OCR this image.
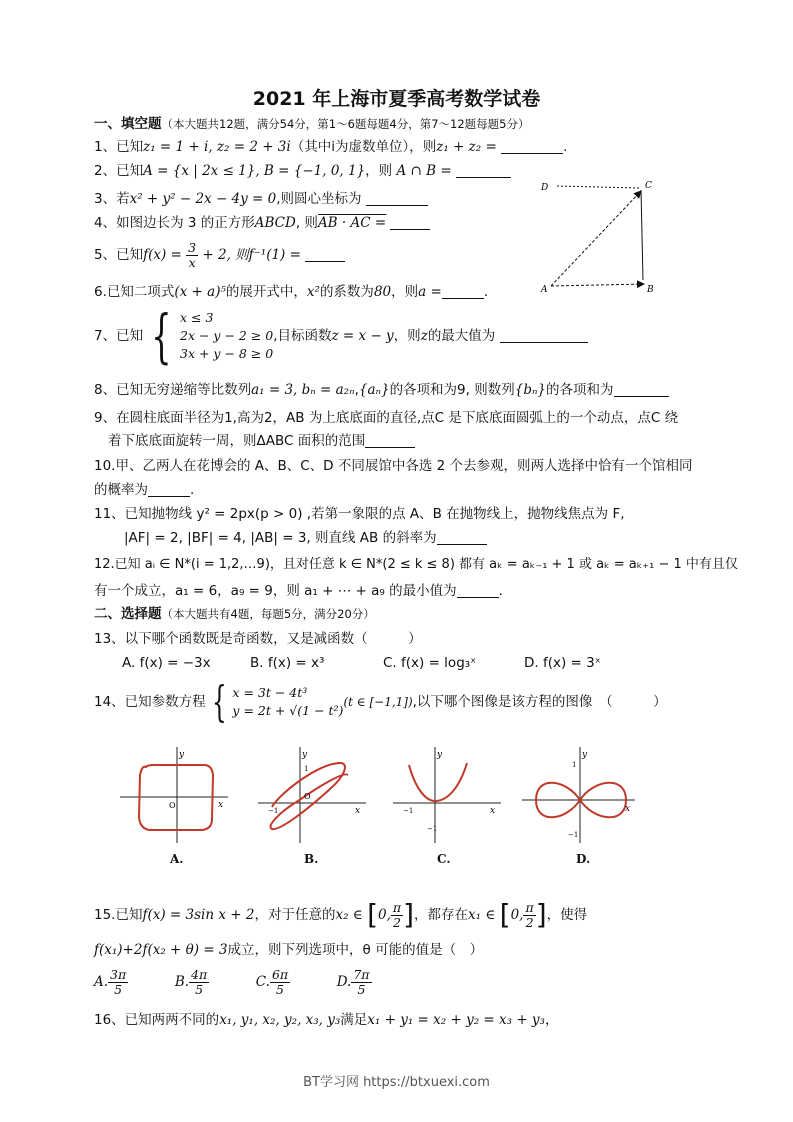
2021 年上海市夏季高考数学试卷
一、填空题（本大题共12题，满分54分，第1〜6题每题4分，第7〜12题每题5分）
1、已知z₁ = 1 + i, z₂ = 2 + 3i（其中i为虚数单位），则z₁ + z₂ =	.
2、已知A = {x | 2x ≤ 1}, B = {−1, 0, 1}，则 A ∩ B =
3、若x² + y² − 2x − 4y = 0,则圆心坐标为
4、如图边长为 3 的正方形ABCD, 则AB · AC =
5、已知$f(x) = \frac{3}{x} + 2$, 则f⁻¹(1) =
6.已知二项式(x + a)⁵的展开式中，x²的系数为80，则a =	.
7、已知 { x ≤ 3
2x − y − 2 ≥ 0
3x + y − 8 ≥ 0
,目标函数z = x − y，则z的最大值为
8、已知无穷递缩等比数列a₁ = 3, bₙ = a₂ₙ,{aₙ}的各项和为9, 则数列{bₙ}的各项和为
9、在圆柱底面半径为1,高为2，AB 为上底底面的直径,点C 是下底底面圆弧上的一个动点，点C 绕
着下底底面旋转一周，则ΔABC 面积的范围
10.甲、乙两人在花博会的 A、B、C、D 不同展馆中各选 2 个去参观，则两人选择中恰有一个馆相同
的概率为	.
11、已知抛物线 y² = 2px(p > 0) ,若第一象限的点 A、B 在抛物线上，抛物线焦点为 F,
|AF| = 2, |BF| = 4, |AB| = 3, 则直线 AB 的斜率为
12.已知 aᵢ ∈ N*(i = 1,2,…9)，且对任意 k ∈ N*(2 ≤ k ≤ 8) 都有 aₖ = aₖ₋₁ + 1 或 aₖ = aₖ₊₁ − 1 中有且仅
有一个成立，a₁ = 6，a₉ = 9，则 a₁ + ⋯ + a₉ 的最小值为	.
二、选择题（本大题共有4题，每题5分，满分20分）
13、以下哪个函数既是奇函数，又是减函数（　　　）
A. f(x) = −3x	B. f(x) = x³	C. f(x) = log₃ˣ	D. f(x) = 3ˣ
14、已知参数方程 { x = 3t − 4t³
y = 2t + √(1 − t²)
(t ∈ [−1,1]),以下哪个图像是该方程的图像　（　　　）
y
x
O
A.
y
x
O
−1
1
B.
y
x
−1
−1
C.
y
x
1
−1
D.
15.已知f(x) = 3sin x + 2，对于任意的x₂ ∈ [0, $\frac{\pi}{2}$ ]，都存在x₁ ∈ [0, $\frac{\pi}{2}$ ]，使得
f(x₁)+2f(x₂ + θ) = 3成立，则下列选项中，θ 可能的值是（　）
A. $\frac{3\pi}{5}$	B. $\frac{4\pi}{5}$	C. $\frac{6\pi}{5}$	D. $\frac{7\pi}{5}$
16、已知两两不同的x₁, y₁, x₂, y₂, x₃, y₃满足x₁ + y₁ = x₂ + y₂ = x₃ + y₃，
D	C
A	B
BT学习网 https://btxuexi.com
